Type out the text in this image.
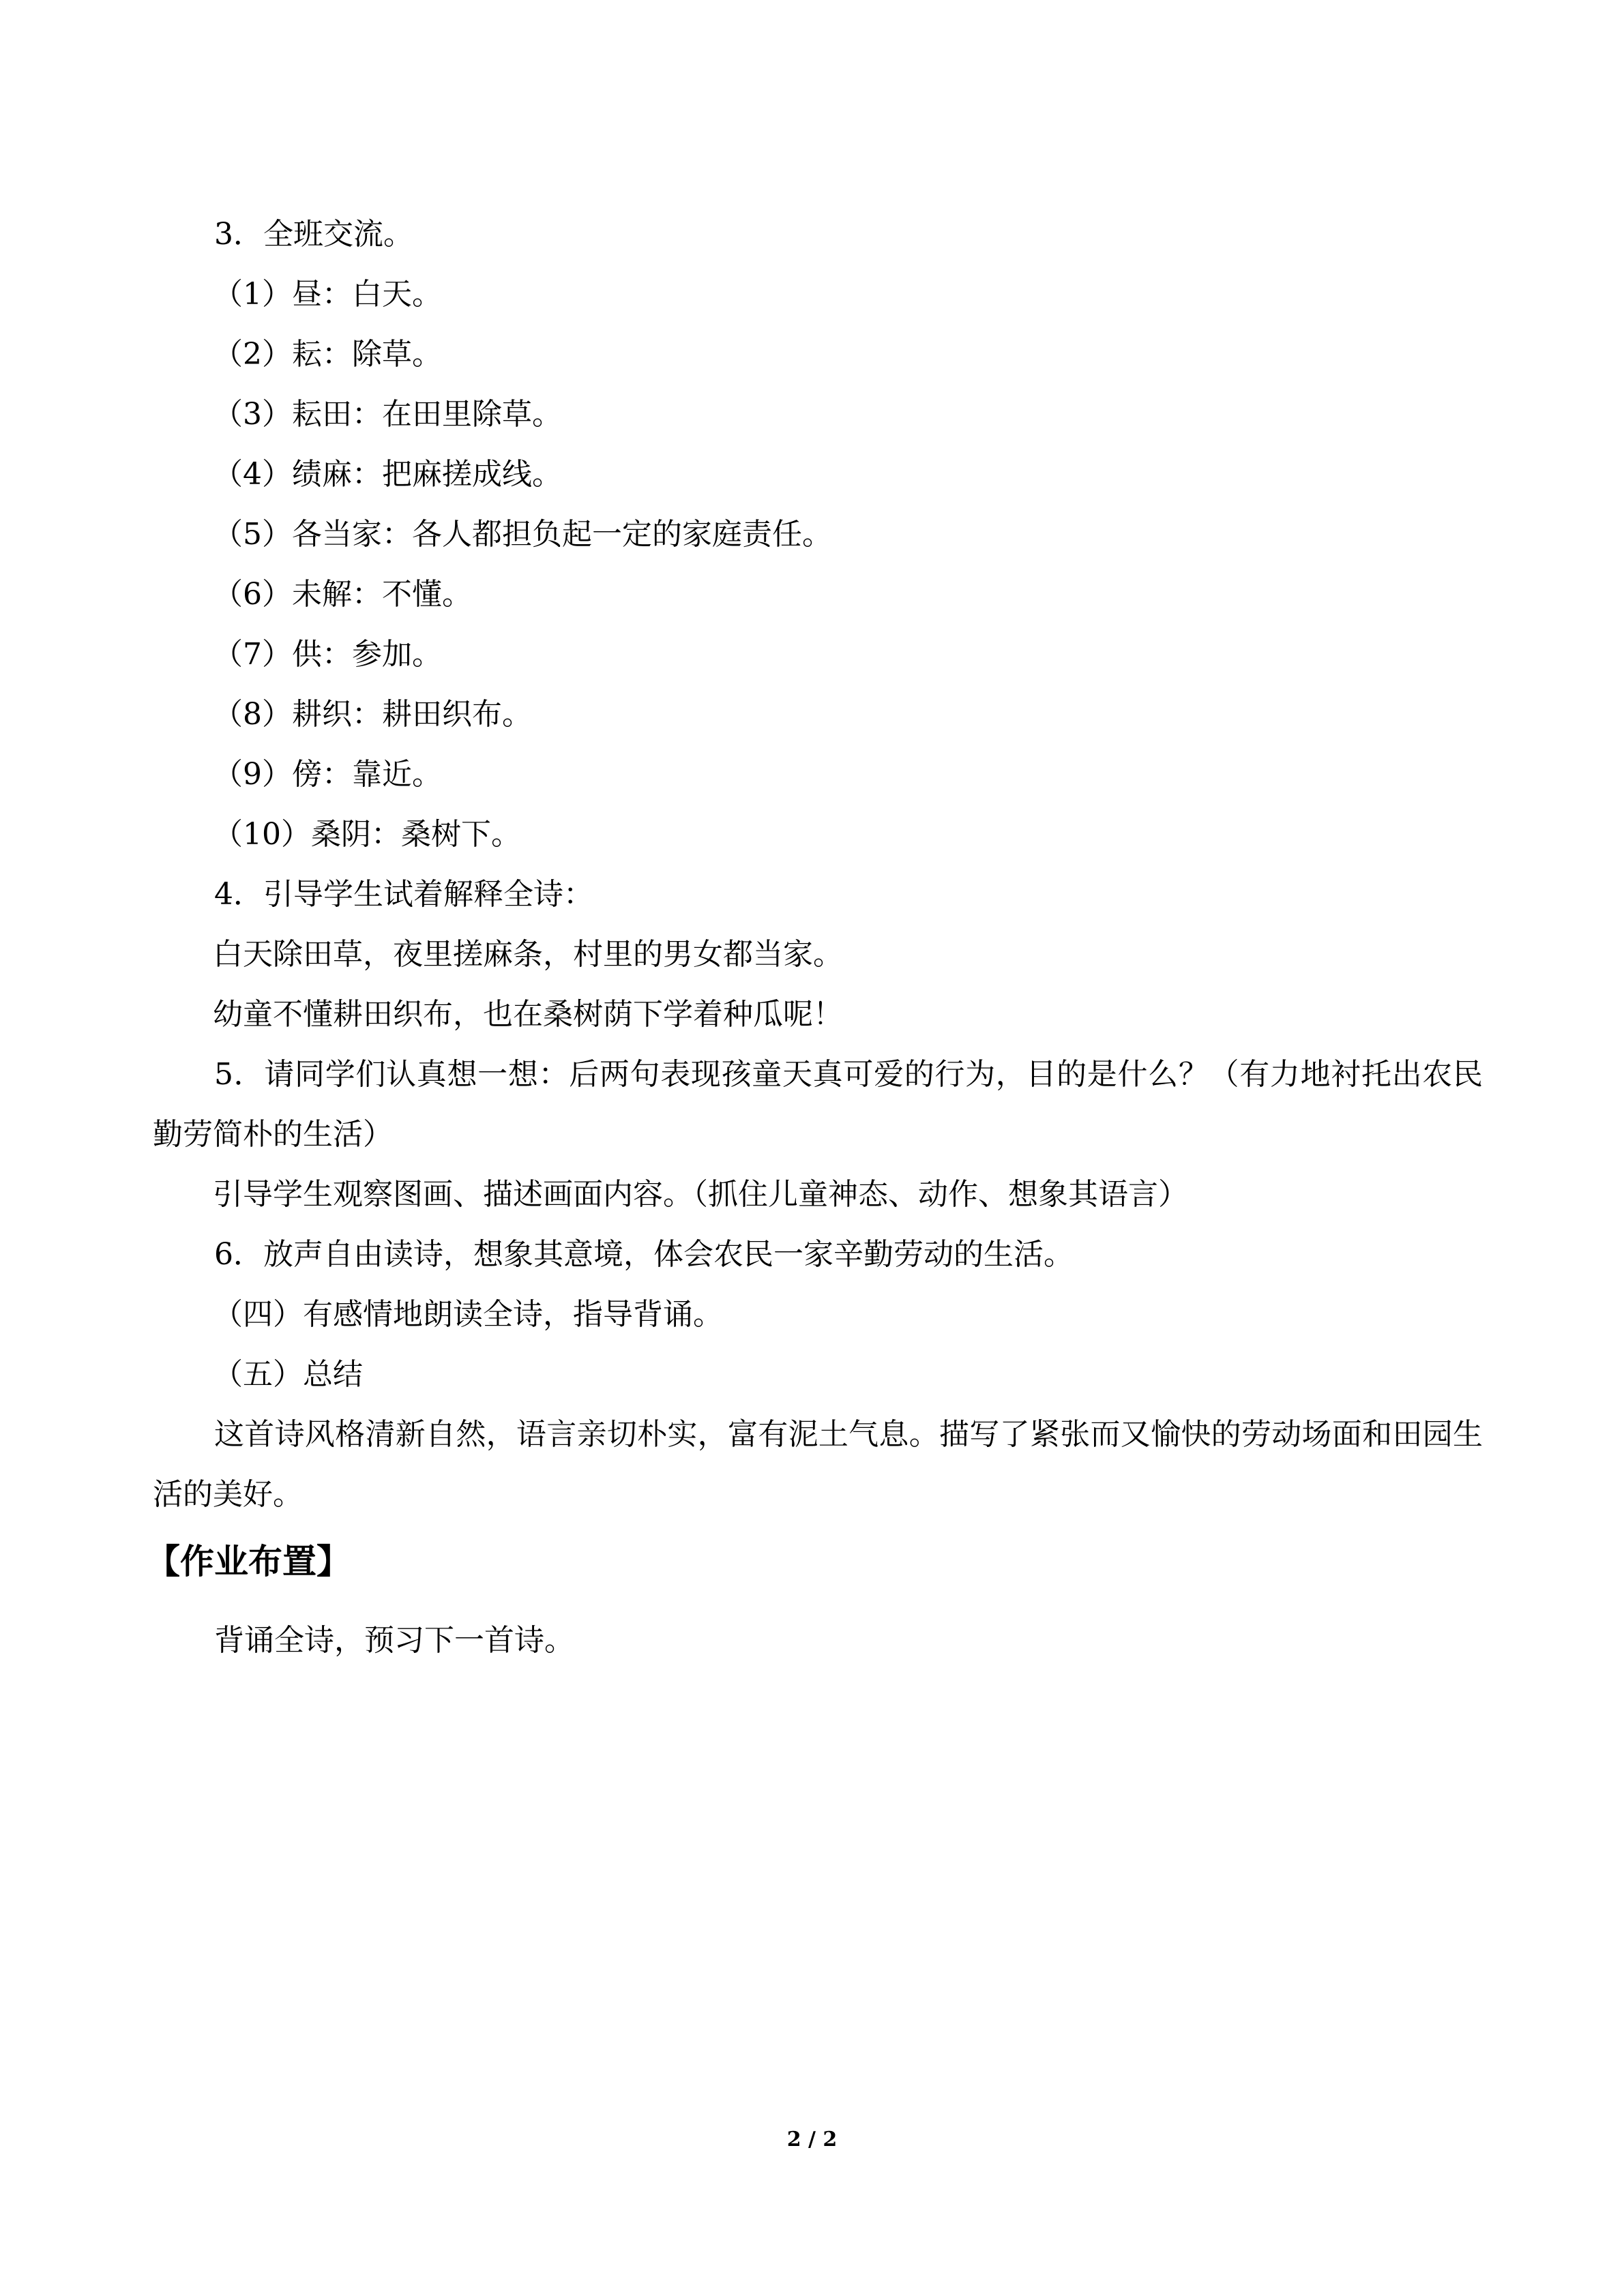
3．全班交流。
（1）昼：白天。
（2）耘：除草。
（3）耘田：在田里除草。
（4）绩麻：把麻搓成线。
（5）各当家：各人都担负起一定的家庭责任。
（6）未解：不懂。
（7）供：参加。
（8）耕织：耕田织布。
（9）傍：靠近。
（10）桑阴：桑树下。
4．引导学生试着解释全诗：
白天除田草，夜里搓麻条，村里的男女都当家。
幼童不懂耕田织布，也在桑树荫下学着种瓜呢！
5．请同学们认真想一想：后两句表现孩童天真可爱的行为，目的是什么？（有力地衬托出农民勤劳简朴的生活）
引导学生观察图画、描述画面内容。（抓住儿童神态、动作、想象其语言）
6．放声自由读诗，想象其意境，体会农民一家辛勤劳动的生活。
（四）有感情地朗读全诗，指导背诵。
（五）总结
这首诗风格清新自然，语言亲切朴实，富有泥土气息。描写了紧张而又愉快的劳动场面和田园生活的美好。
【作业布置】
背诵全诗，预习下一首诗。
2 / 2
